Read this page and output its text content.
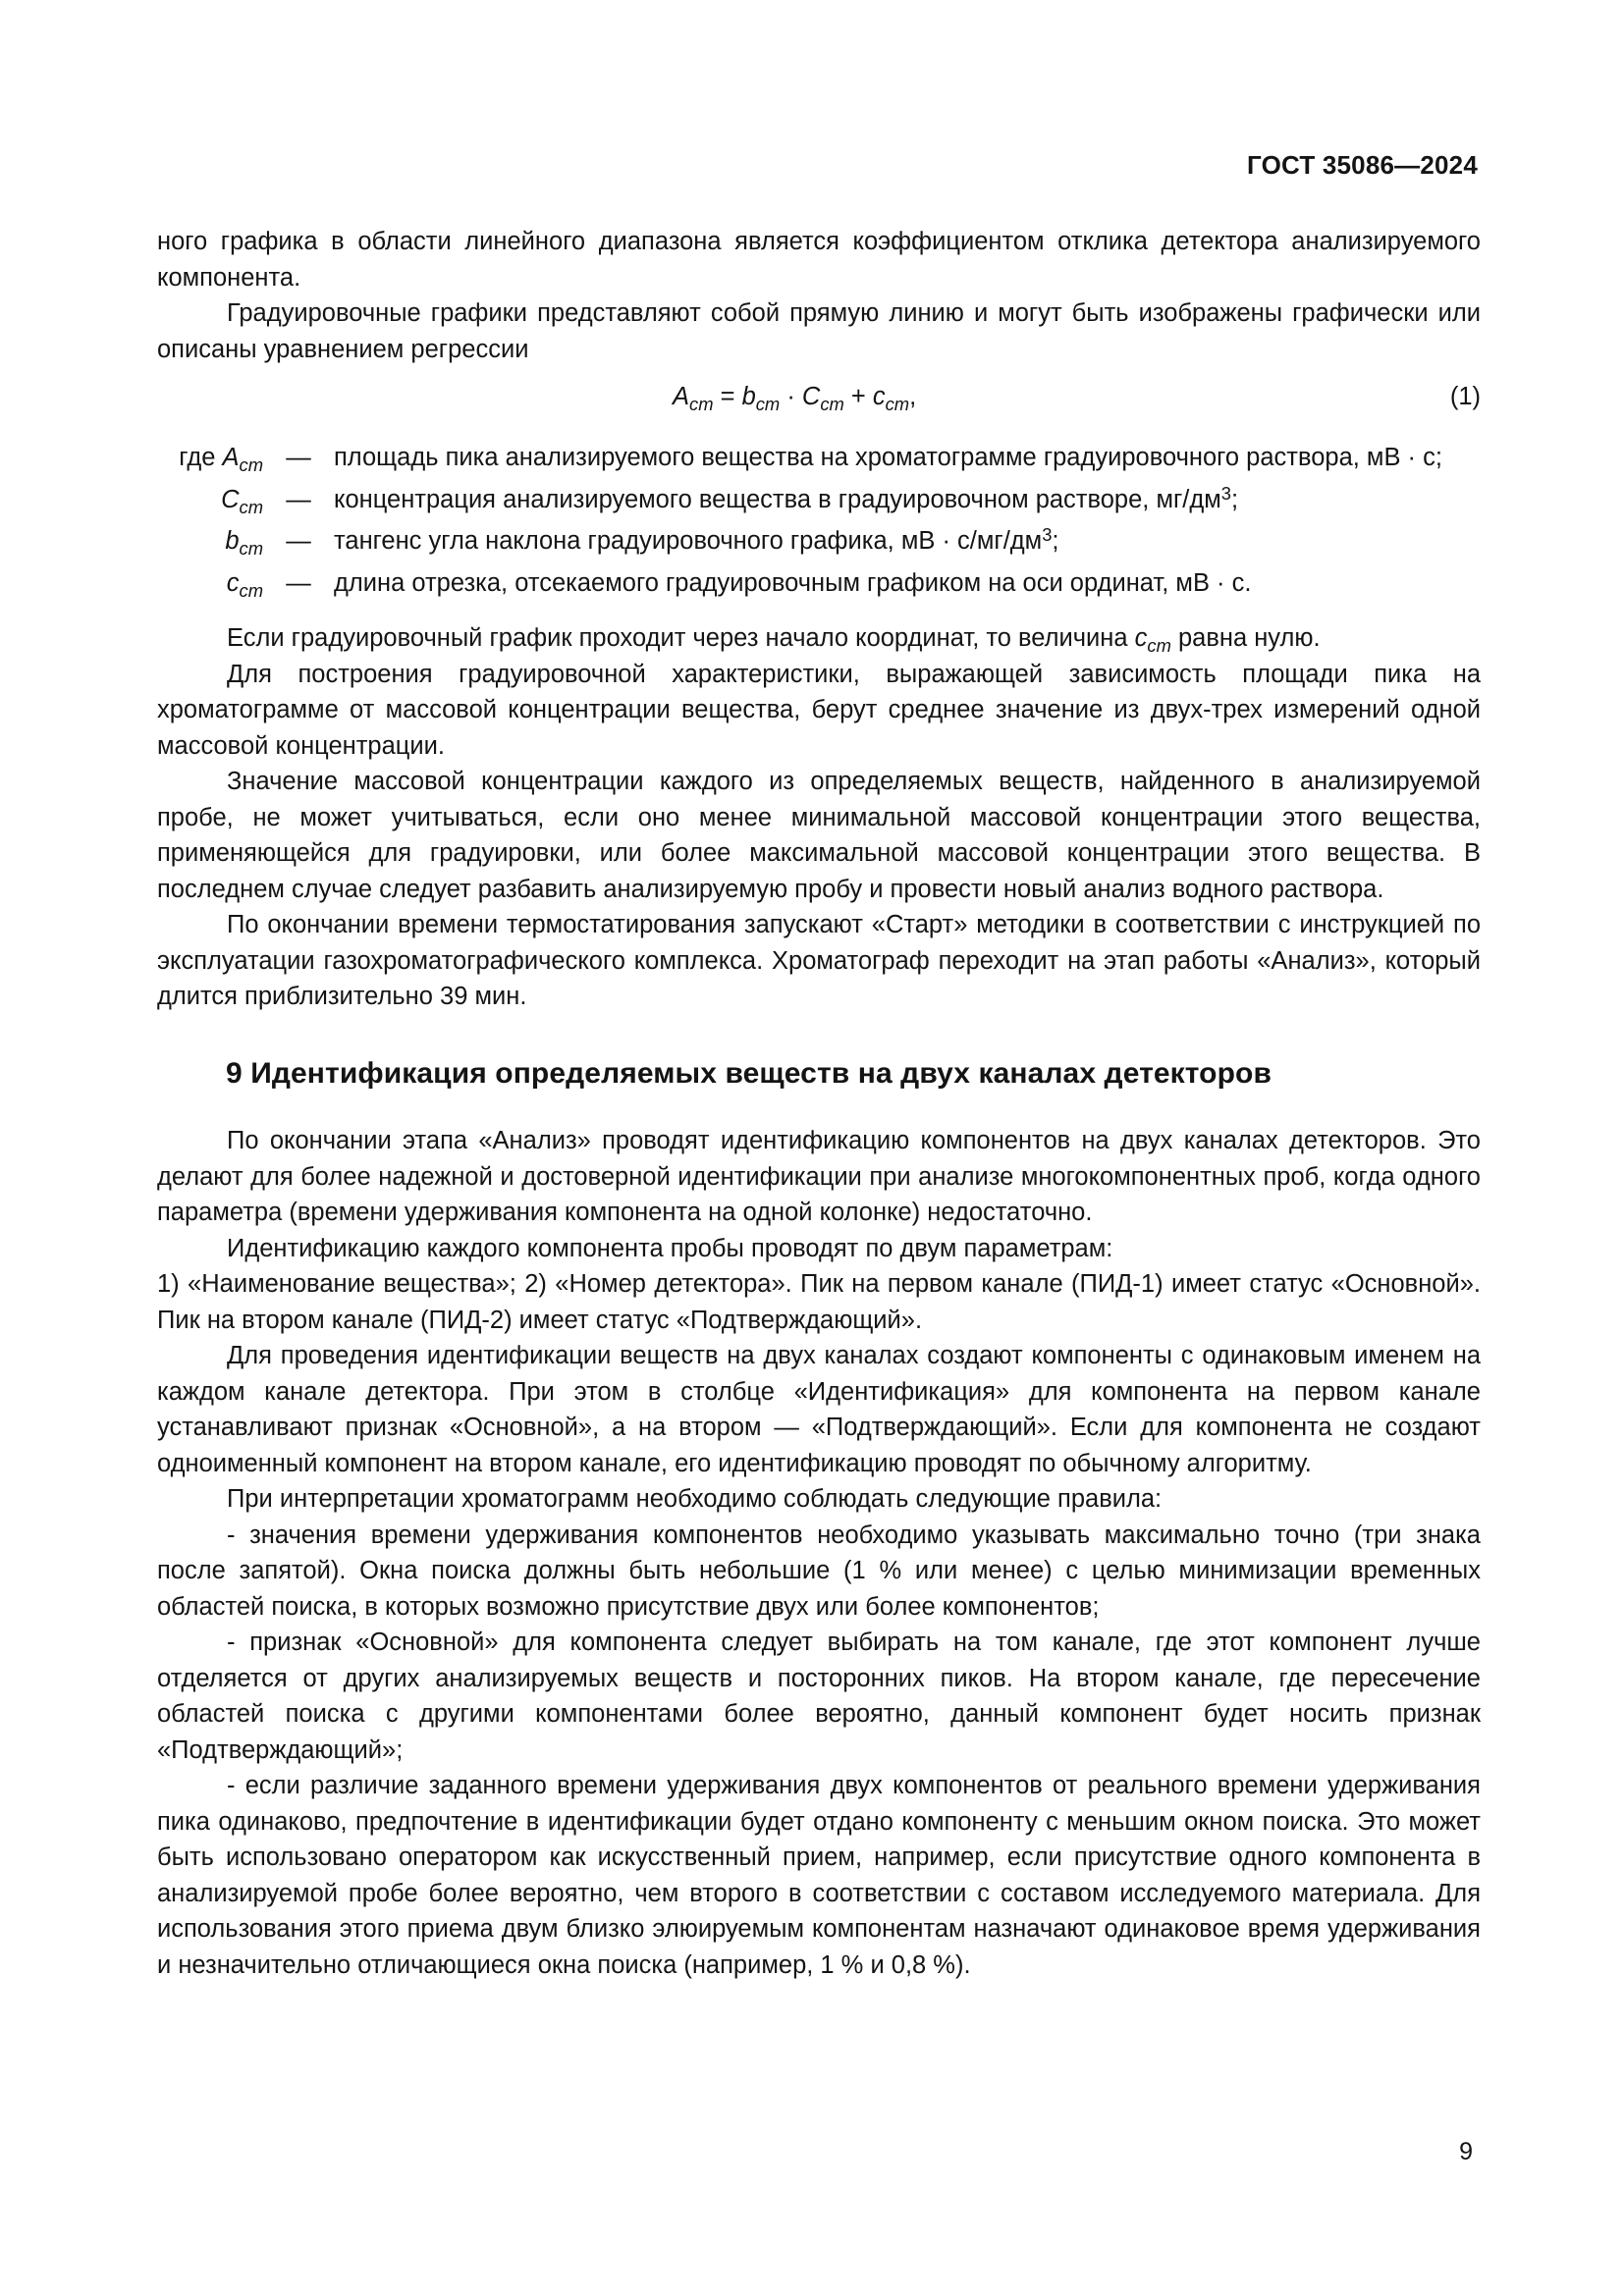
ГОСТ 35086—2024

ного графика в области линейного диапазона является коэффициентом отклика детектора анализируемого компонента.

Градуировочные графики представляют собой прямую линию и могут быть изображены графически или описаны уравнением регрессии

$A_{cm} = b_{cm} \cdot C_{cm} + c_{cm}$,	(1)
где $A_{cm}$ — площадь пика анализируемого вещества на хроматограмме градуировочного раствора, мВ · с;
$C_{cm}$ — концентрация анализируемого вещества в градуировочном растворе, $мг/дм^3$;
$b_{cm}$ — тангенс угла наклона градуировочного графика, мВ · $с/мг/дм^3$;
$c_{cm}$ — длина отрезка, отсекаемого градуировочным графиком на оси ординат, мВ · с.

Если градуировочный график проходит через начало координат, то величина $c_{cm}$ равна нулю.

Для построения градуировочной характеристики, выражающей зависимость площади пика на хроматограмме от массовой концентрации вещества, берут среднее значение из двух-трех измерений одной массовой концентрации.

Значение массовой концентрации каждого из определяемых веществ, найденного в анализируемой пробе, не может учитываться, если оно менее минимальной массовой концентрации этого вещества, применяющейся для градуировки, или более максимальной массовой концентрации этого вещества. В последнем случае следует разбавить анализируемую пробу и провести новый анализ водного раствора.

По окончании времени термостатирования запускают «Старт» методики в соответствии с инструкцией по эксплуатации газохроматографического комплекса. Хроматограф переходит на этап работы «Анализ», который длится приблизительно 39 мин.

9 Идентификация определяемых веществ на двух каналах детекторов

По окончании этапа «Анализ» проводят идентификацию компонентов на двух каналах детекторов. Это делают для более надежной и достоверной идентификации при анализе многокомпонентных проб, когда одного параметра (времени удерживания компонента на одной колонке) недостаточно.

Идентификацию каждого компонента пробы проводят по двум параметрам:

1) «Наименование вещества»; 2) «Номер детектора». Пик на первом канале (ПИД-1) имеет статус «Основной». Пик на втором канале (ПИД-2) имеет статус «Подтверждающий».

Для проведения идентификации веществ на двух каналах создают компоненты с одинаковым именем на каждом канале детектора. При этом в столбце «Идентификация» для компонента на первом канале устанавливают признак «Основной», а на втором — «Подтверждающий». Если для компонента не создают одноименный компонент на втором канале, его идентификацию проводят по обычному алгоритму.

При интерпретации хроматограмм необходимо соблюдать следующие правила:

- значения времени удерживания компонентов необходимо указывать максимально точно (три знака после запятой). Окна поиска должны быть небольшие (1 % или менее) с целью минимизации временных областей поиска, в которых возможно присутствие двух или более компонентов;

- признак «Основной» для компонента следует выбирать на том канале, где этот компонент лучше отделяется от других анализируемых веществ и посторонних пиков. На втором канале, где пересечение областей поиска с другими компонентами более вероятно, данный компонент будет носить признак «Подтверждающий»;

- если различие заданного времени удерживания двух компонентов от реального времени удерживания пика одинаково, предпочтение в идентификации будет отдано компоненту с меньшим окном поиска. Это может быть использовано оператором как искусственный прием, например, если присутствие одного компонента в анализируемой пробе более вероятно, чем второго в соответствии с составом исследуемого материала. Для использования этого приема двум близко элюируемым компонентам назначают одинаковое время удерживания и незначительно отличающиеся окна поиска (например, 1 % и 0,8 %).

9
